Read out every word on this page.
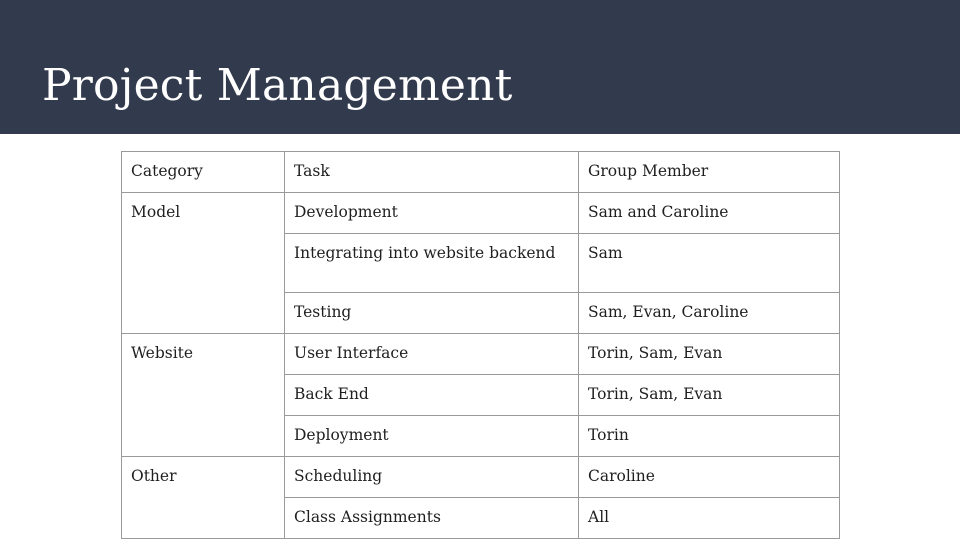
Project Management
Category	Task	Group Member
Model	Development	Sam and Caroline
	Integrating into website backend	Sam
	Testing	Sam, Evan, Caroline
Website	User Interface	Torin, Sam, Evan
	Back End	Torin, Sam, Evan
	Deployment	Torin
Other	Scheduling	Caroline
	Class Assignments	All
